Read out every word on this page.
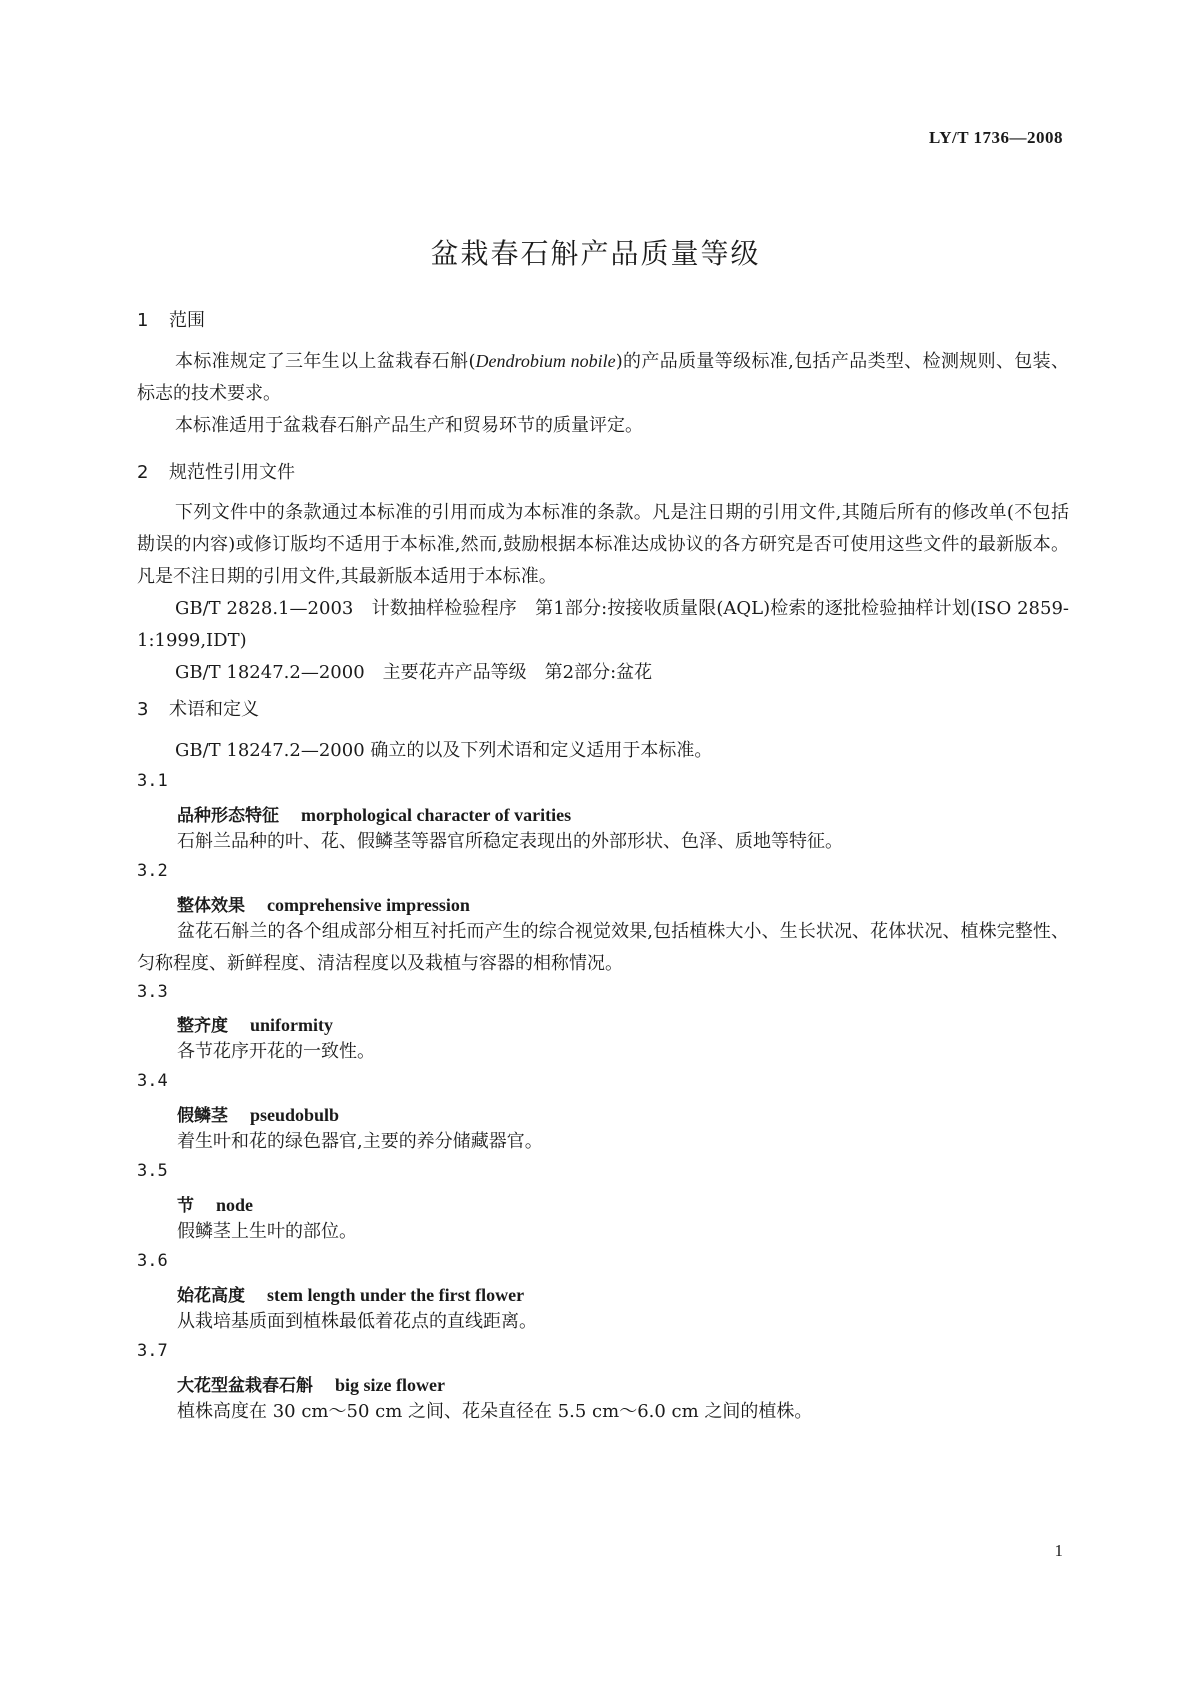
LY/T 1736—2008
盆栽春石斛产品质量等级
1 范围

本标准规定了三年生以上盆栽春石斛(Dendrobium nobile)的产品质量等级标准,包括产品类型、检测规则、包装、标志的技术要求。

本标准适用于盆栽春石斛产品生产和贸易环节的质量评定。

2 规范性引用文件

下列文件中的条款通过本标准的引用而成为本标准的条款。凡是注日期的引用文件,其随后所有的修改单(不包括勘误的内容)或修订版均不适用于本标准,然而,鼓励根据本标准达成协议的各方研究是否可使用这些文件的最新版本。凡是不注日期的引用文件,其最新版本适用于本标准。

GB/T 2828.1—2003　计数抽样检验程序　第1部分:按接收质量限(AQL)检索的逐批检验抽样计划(ISO 2859-1:1999,IDT)

GB/T 18247.2—2000　主要花卉产品等级　第2部分:盆花

3 术语和定义

GB/T 18247.2—2000 确立的以及下列术语和定义适用于本标准。

3.1
品种形态特征 morphological character of varities
石斛兰品种的叶、花、假鳞茎等器官所稳定表现出的外部形状、色泽、质地等特征。
3.2
整体效果 comprehensive impression
盆花石斛兰的各个组成部分相互衬托而产生的综合视觉效果,包括植株大小、生长状况、花体状况、植株完整性、匀称程度、新鲜程度、清洁程度以及栽植与容器的相称情况。
3.3
整齐度 uniformity
各节花序开花的一致性。
3.4
假鳞茎 pseudobulb
着生叶和花的绿色器官,主要的养分储藏器官。
3.5
节 node
假鳞茎上生叶的部位。
3.6
始花高度 stem length under the first flower
从栽培基质面到植株最低着花点的直线距离。
3.7
大花型盆栽春石斛 big size flower
植株高度在 30 cm～50 cm 之间、花朵直径在 5.5 cm～6.0 cm 之间的植株。
1
